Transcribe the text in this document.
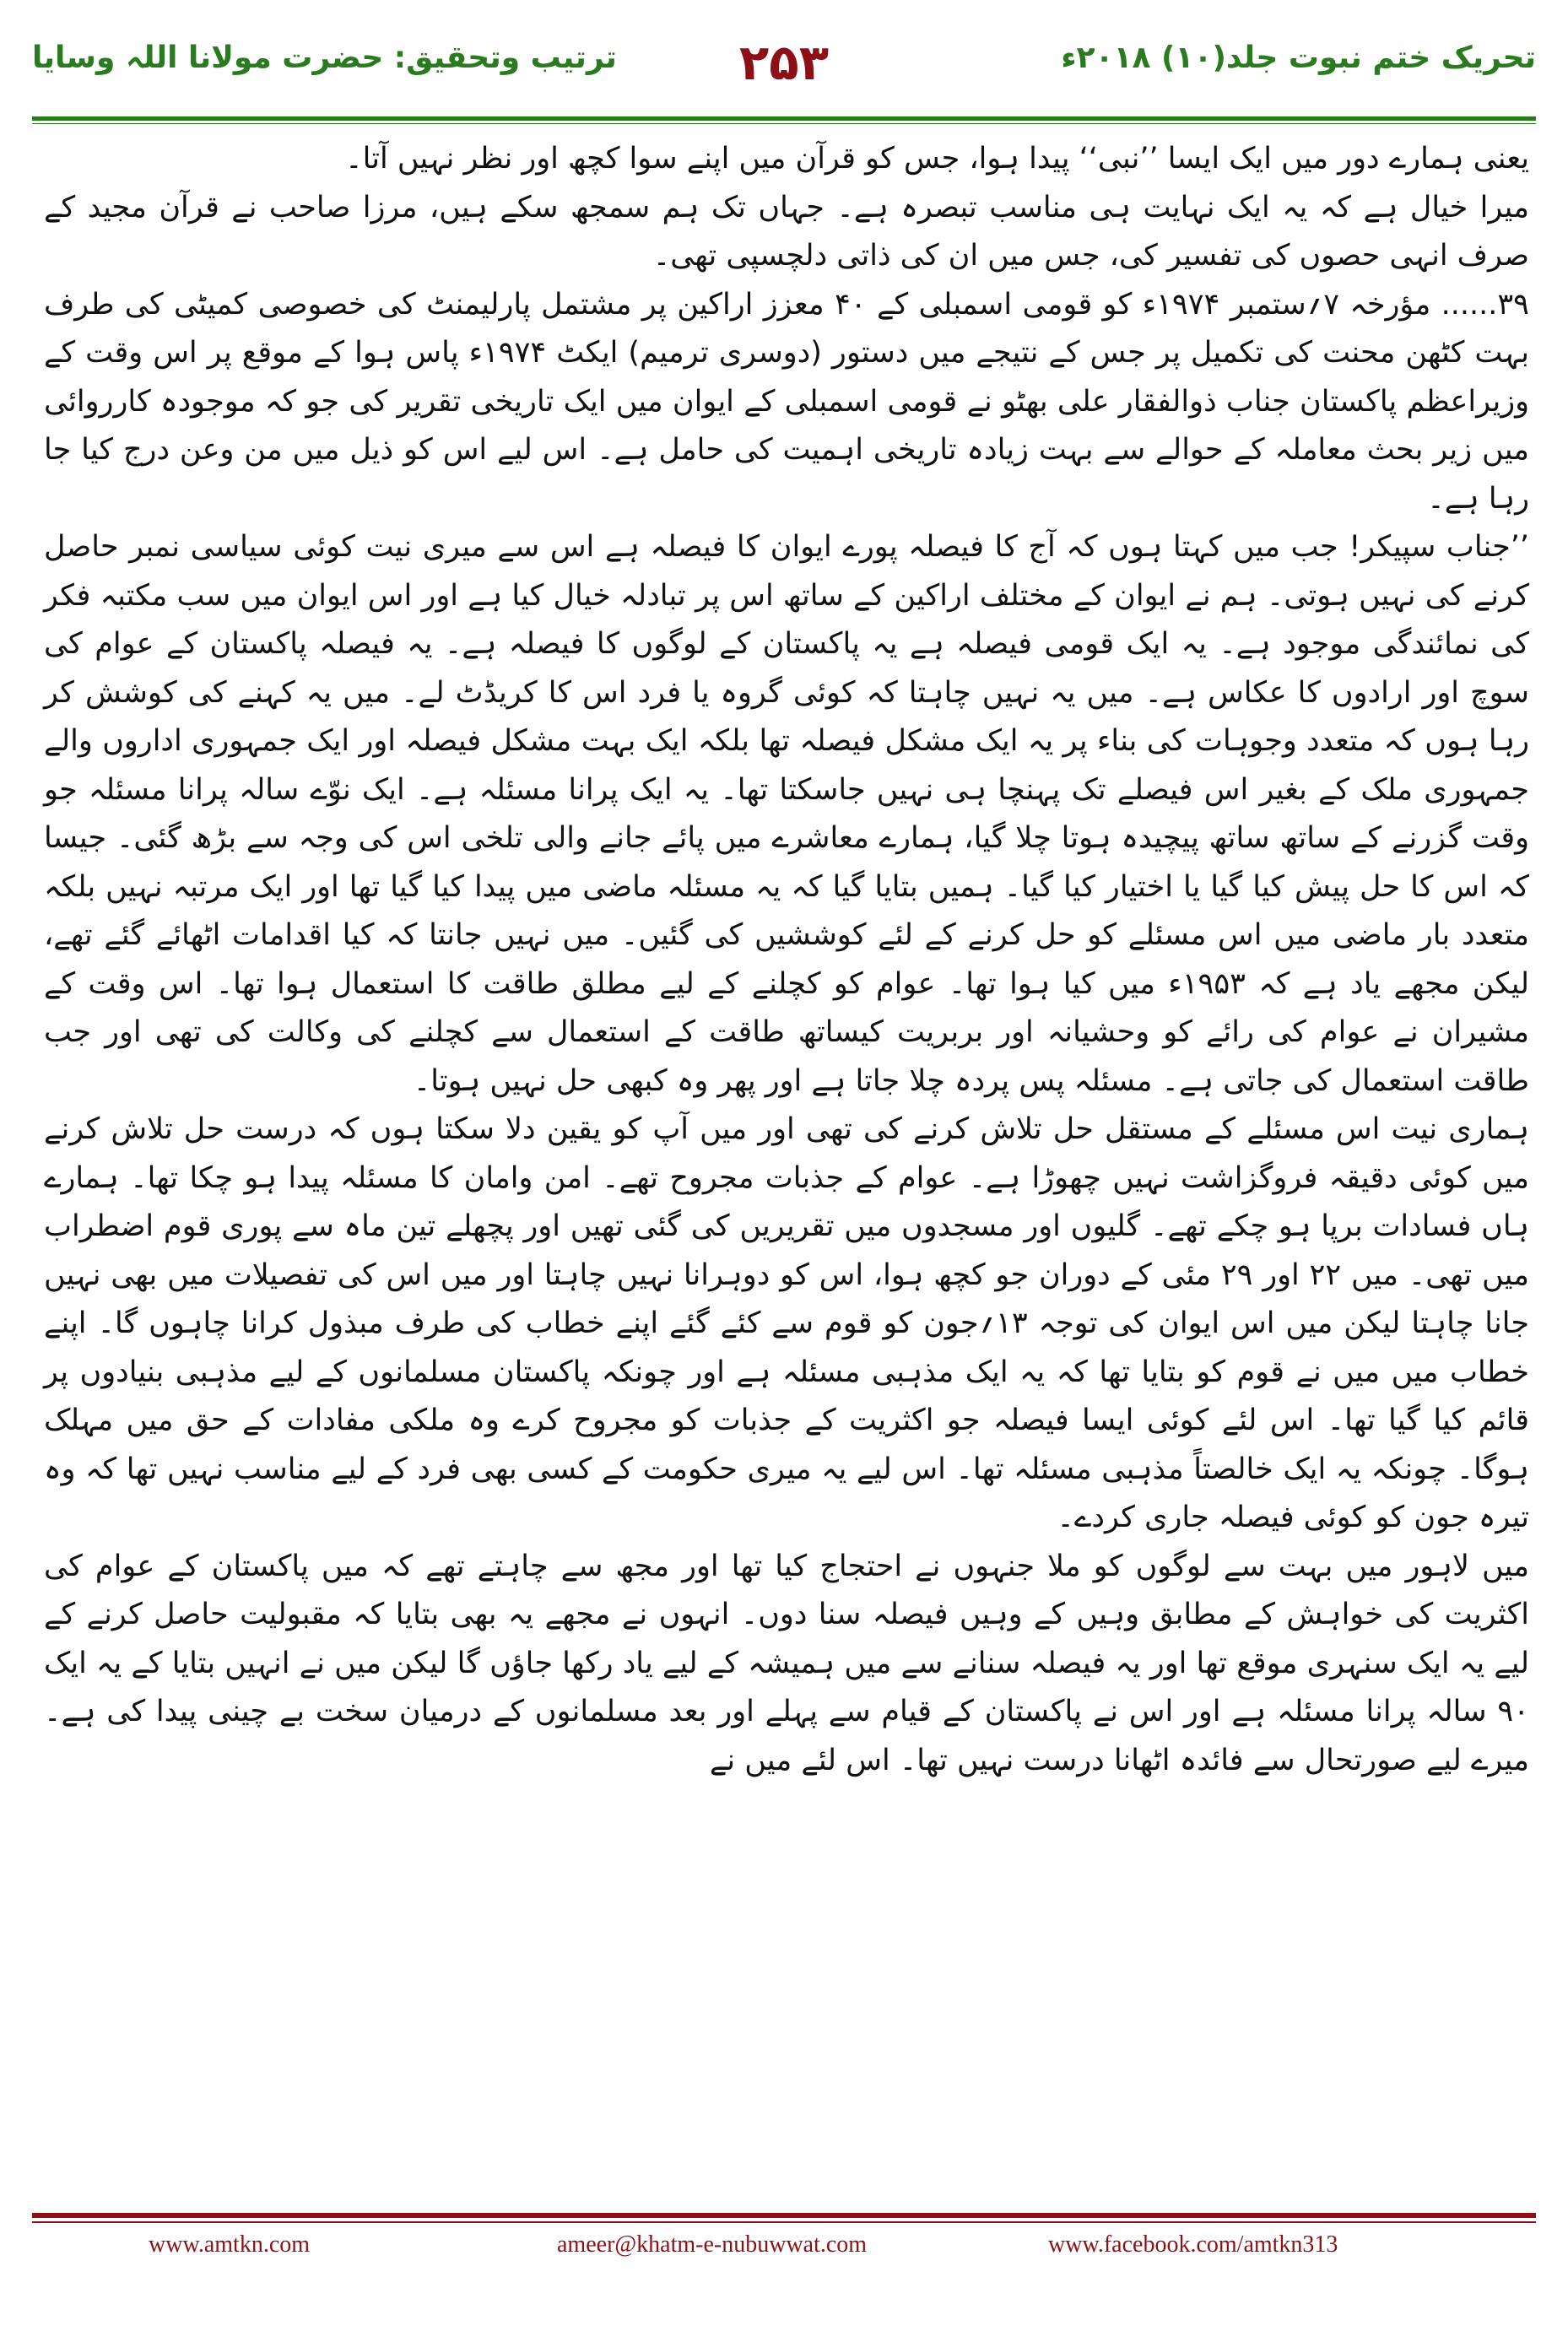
تحریک ختم نبوت جلد(۱۰) ۲۰۱۸ء
۲۵۳
ترتیب وتحقیق: حضرت مولانا اللہ وسایا

یعنی ہمارے دور میں ایک ایسا ’’نبی‘‘ پیدا ہوا، جس کو قرآن میں اپنے سوا کچھ اور نظر نہیں آتا۔

میرا خیال ہے کہ یہ ایک نہایت ہی مناسب تبصرہ ہے۔ جہاں تک ہم سمجھ سکے ہیں، مرزا صاحب نے قرآن مجید کے صرف انہی حصوں کی تفسیر کی، جس میں ان کی ذاتی دلچسپی تھی۔

۳۹...... مؤرخہ ۷؍ستمبر ۱۹۷۴ء کو قومی اسمبلی کے ۴۰ معزز اراکین پر مشتمل پارلیمنٹ کی خصوصی کمیٹی کی طرف بہت کٹھن محنت کی تکمیل پر جس کے نتیجے میں دستور (دوسری ترمیم) ایکٹ ۱۹۷۴ء پاس ہوا کے موقع پر اس وقت کے وزیراعظم پاکستان جناب ذوالفقار علی بھٹو نے قومی اسمبلی کے ایوان میں ایک تاریخی تقریر کی جو کہ موجودہ کارروائی میں زیر بحث معاملہ کے حوالے سے بہت زیادہ تاریخی اہمیت کی حامل ہے۔ اس لیے اس کو ذیل میں من وعن درج کیا جا رہا ہے۔

’’جناب سپیکر! جب میں کہتا ہوں کہ آج کا فیصلہ پورے ایوان کا فیصلہ ہے اس سے میری نیت کوئی سیاسی نمبر حاصل کرنے کی نہیں ہوتی۔ ہم نے ایوان کے مختلف اراکین کے ساتھ اس پر تبادلہ خیال کیا ہے اور اس ایوان میں سب مکتبہ فکر کی نمائندگی موجود ہے۔ یہ ایک قومی فیصلہ ہے یہ پاکستان کے لوگوں کا فیصلہ ہے۔ یہ فیصلہ پاکستان کے عوام کی سوچ اور ارادوں کا عکاس ہے۔ میں یہ نہیں چاہتا کہ کوئی گروہ یا فرد اس کا کریڈٹ لے۔ میں یہ کہنے کی کوشش کر رہا ہوں کہ متعدد وجوہات کی بناء پر یہ ایک مشکل فیصلہ تھا بلکہ ایک بہت مشکل فیصلہ اور ایک جمہوری اداروں والے جمہوری ملک کے بغیر اس فیصلے تک پہنچا ہی نہیں جاسکتا تھا۔ یہ ایک پرانا مسئلہ ہے۔ ایک نوّے سالہ پرانا مسئلہ جو وقت گزرنے کے ساتھ ساتھ پیچیدہ ہوتا چلا گیا، ہمارے معاشرے میں پائے جانے والی تلخی اس کی وجہ سے بڑھ گئی۔ جیسا کہ اس کا حل پیش کیا گیا یا اختیار کیا گیا۔ ہمیں بتایا گیا کہ یہ مسئلہ ماضی میں پیدا کیا گیا تھا اور ایک مرتبہ نہیں بلکہ متعدد بار ماضی میں اس مسئلے کو حل کرنے کے لئے کوششیں کی گئیں۔ میں نہیں جانتا کہ کیا اقدامات اٹھائے گئے تھے، لیکن مجھے یاد ہے کہ ۱۹۵۳ء میں کیا ہوا تھا۔ عوام کو کچلنے کے لیے مطلق طاقت کا استعمال ہوا تھا۔ اس وقت کے مشیران نے عوام کی رائے کو وحشیانہ اور بربریت کیساتھ طاقت کے استعمال سے کچلنے کی وکالت کی تھی اور جب طاقت استعمال کی جاتی ہے۔ مسئلہ پس پردہ چلا جاتا ہے اور پھر وہ کبھی حل نہیں ہوتا۔

ہماری نیت اس مسئلے کے مستقل حل تلاش کرنے کی تھی اور میں آپ کو یقین دلا سکتا ہوں کہ درست حل تلاش کرنے میں کوئی دقیقہ فروگزاشت نہیں چھوڑا ہے۔ عوام کے جذبات مجروح تھے۔ امن وامان کا مسئلہ پیدا ہو چکا تھا۔ ہمارے ہاں فسادات برپا ہو چکے تھے۔ گلیوں اور مسجدوں میں تقریریں کی گئی تھیں اور پچھلے تین ماہ سے پوری قوم اضطراب میں تھی۔ میں ۲۲ اور ۲۹ مئی کے دوران جو کچھ ہوا، اس کو دوہرانا نہیں چاہتا اور میں اس کی تفصیلات میں بھی نہیں جانا چاہتا لیکن میں اس ایوان کی توجہ ۱۳؍جون کو قوم سے کئے گئے اپنے خطاب کی طرف مبذول کرانا چاہوں گا۔ اپنے خطاب میں میں نے قوم کو بتایا تھا کہ یہ ایک مذہبی مسئلہ ہے اور چونکہ پاکستان مسلمانوں کے لیے مذہبی بنیادوں پر قائم کیا گیا تھا۔ اس لئے کوئی ایسا فیصلہ جو اکثریت کے جذبات کو مجروح کرے وہ ملکی مفادات کے حق میں مہلک ہوگا۔ چونکہ یہ ایک خالصتاً مذہبی مسئلہ تھا۔ اس لیے یہ میری حکومت کے کسی بھی فرد کے لیے مناسب نہیں تھا کہ وہ تیرہ جون کو کوئی فیصلہ جاری کردے۔

میں لاہور میں بہت سے لوگوں کو ملا جنہوں نے احتجاج کیا تھا اور مجھ سے چاہتے تھے کہ میں پاکستان کے عوام کی اکثریت کی خواہش کے مطابق وہیں کے وہیں فیصلہ سنا دوں۔ انہوں نے مجھے یہ بھی بتایا کہ مقبولیت حاصل کرنے کے لیے یہ ایک سنہری موقع تھا اور یہ فیصلہ سنانے سے میں ہمیشہ کے لیے یاد رکھا جاؤں گا لیکن میں نے انہیں بتایا کے یہ ایک ۹۰ سالہ پرانا مسئلہ ہے اور اس نے پاکستان کے قیام سے پہلے اور بعد مسلمانوں کے درمیان سخت بے چینی پیدا کی ہے۔ میرے لیے صورتحال سے فائدہ اٹھانا درست نہیں تھا۔ اس لئے میں نے

www.amtkn.com	ameer@khatm-e-nubuwwat.com	www.facebook.com/amtkn313
